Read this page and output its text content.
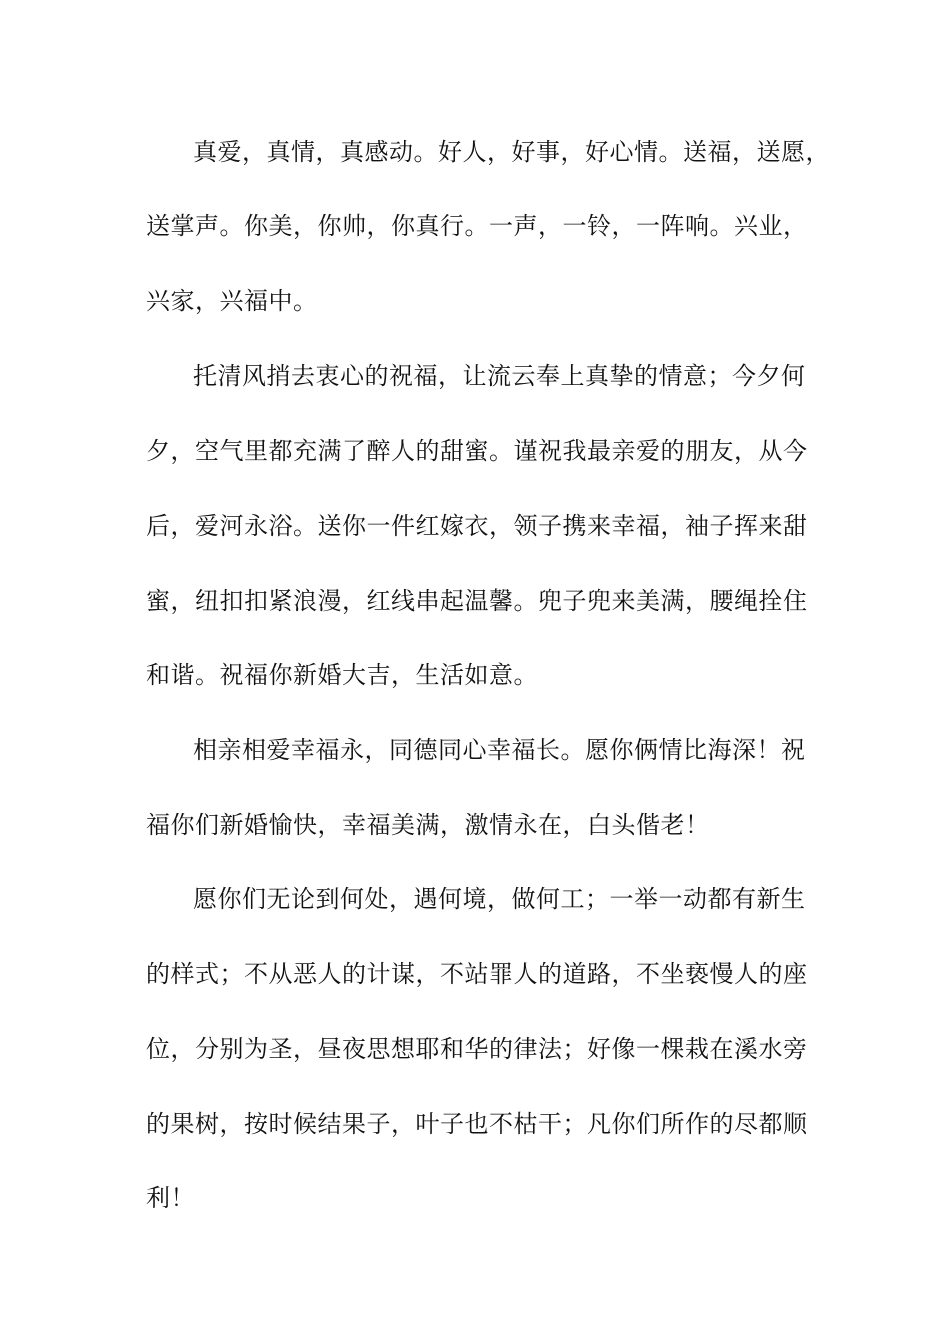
真爱，真情，真感动。好人，好事，好心情。送福，送愿，

送掌声。你美，你帅，你真行。一声，一铃，一阵响。兴业，

兴家，兴福中。

托清风捎去衷心的祝福，让流云奉上真挚的情意；今夕何

夕，空气里都充满了醉人的甜蜜。谨祝我最亲爱的朋友，从今

后，爱河永浴。送你一件红嫁衣，领子携来幸福，袖子挥来甜

蜜，纽扣扣紧浪漫，红线串起温馨。兜子兜来美满，腰绳拴住

和谐。祝福你新婚大吉，生活如意。

相亲相爱幸福永，同德同心幸福长。愿你俩情比海深！祝

福你们新婚愉快，幸福美满，激情永在，白头偕老！

愿你们无论到何处，遇何境，做何工；一举一动都有新生

的样式；不从恶人的计谋，不站罪人的道路，不坐亵慢人的座

位，分别为圣，昼夜思想耶和华的律法；好像一棵栽在溪水旁

的果树，按时候结果子，叶子也不枯干；凡你们所作的尽都顺

利！
